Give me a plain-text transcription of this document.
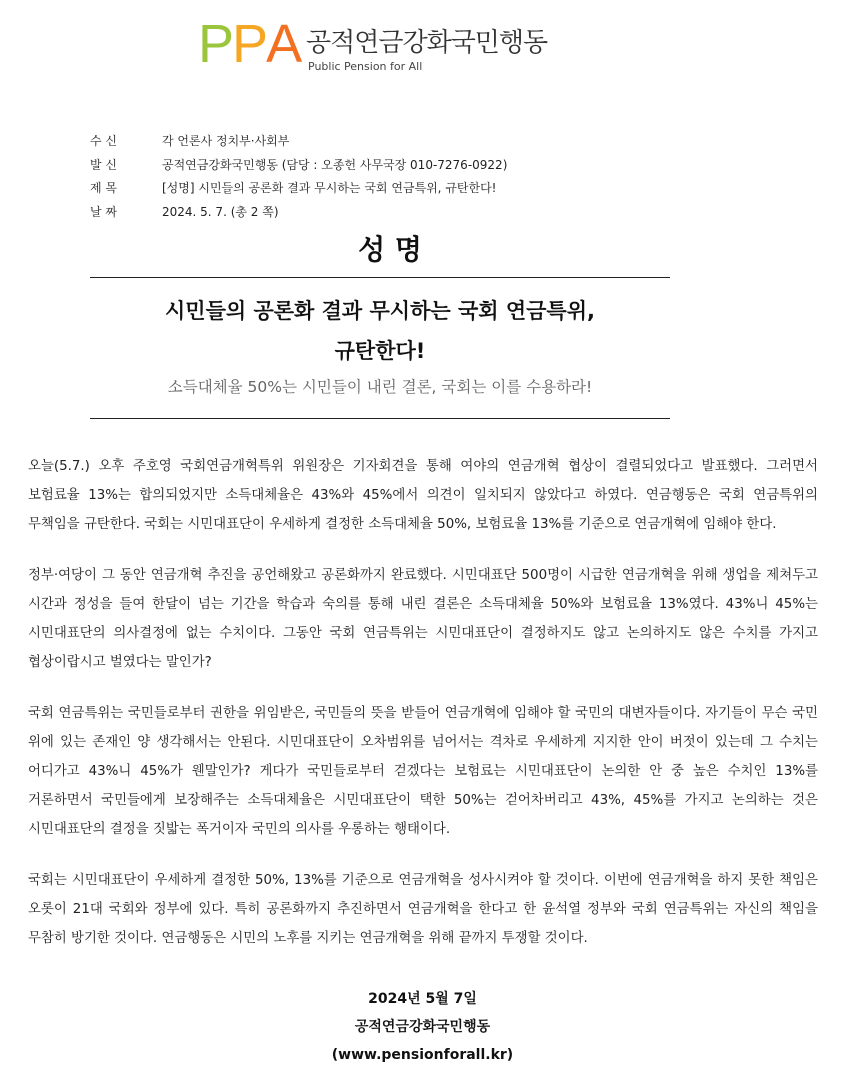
PPA 공적연금강화국민행동
Public Pension for All
수 신	각 언론사 정치부·사회부
발 신	공적연금강화국민행동 (담당 : 오종헌 사무국장 010-7276-0922)
제 목	[성명] 시민들의 공론화 결과 무시하는 국회 연금특위, 규탄한다!
날 짜	2024. 5. 7. (총 2 쪽)
성 명
시민들의 공론화 결과 무시하는 국회 연금특위,
규탄한다!
소득대체율 50%는 시민들이 내린 결론, 국회는 이를 수용하라!

오늘(5.7.) 오후 주호영 국회연금개혁특위 위원장은 기자회견을 통해 여야의 연금개혁 협상이 결렬되었다고 발표했다. 그러면서 보험료율 13%는 합의되었지만 소득대체율은 43%와 45%에서 의견이 일치되지 않았다고 하였다. 연금행동은 국회 연금특위의 무책임을 규탄한다. 국회는 시민대표단이 우세하게 결정한 소득대체율 50%, 보험료율 13%를 기준으로 연금개혁에 임해야 한다.

정부·여당이 그 동안 연금개혁 추진을 공언해왔고 공론화까지 완료했다. 시민대표단 500명이 시급한 연금개혁을 위해 생업을 제쳐두고 시간과 정성을 들여 한달이 넘는 기간을 학습과 숙의를 통해 내린 결론은 소득대체율 50%와 보험료율 13%였다. 43%니 45%는 시민대표단의 의사결정에 없는 수치이다. 그동안 국회 연금특위는 시민대표단이 결정하지도 않고 논의하지도 않은 수치를 가지고 협상이랍시고 벌였다는 말인가?

국회 연금특위는 국민들로부터 권한을 위임받은, 국민들의 뜻을 받들어 연금개혁에 임해야 할 국민의 대변자들이다. 자기들이 무슨 국민 위에 있는 존재인 양 생각해서는 안된다. 시민대표단이 오차범위를 넘어서는 격차로 우세하게 지지한 안이 버젓이 있는데 그 수치는 어디가고 43%니 45%가 웬말인가? 게다가 국민들로부터 걷겠다는 보험료는 시민대표단이 논의한 안 중 높은 수치인 13%를 거론하면서 국민들에게 보장해주는 소득대체율은 시민대표단이 택한 50%는 걷어차버리고 43%, 45%를 가지고 논의하는 것은 시민대표단의 결정을 짓밟는 폭거이자 국민의 의사를 우롱하는 행태이다.

국회는 시민대표단이 우세하게 결정한 50%, 13%를 기준으로 연금개혁을 성사시켜야 할 것이다. 이번에 연금개혁을 하지 못한 책임은 오롯이 21대 국회와 정부에 있다. 특히 공론화까지 추진하면서 연금개혁을 한다고 한 윤석열 정부와 국회 연금특위는 자신의 책임을 무참히 방기한 것이다. 연금행동은 시민의 노후를 지키는 연금개혁을 위해 끝까지 투쟁할 것이다.

2024년 5월 7일
공적연금강화국민행동
(www.pensionforall.kr)
